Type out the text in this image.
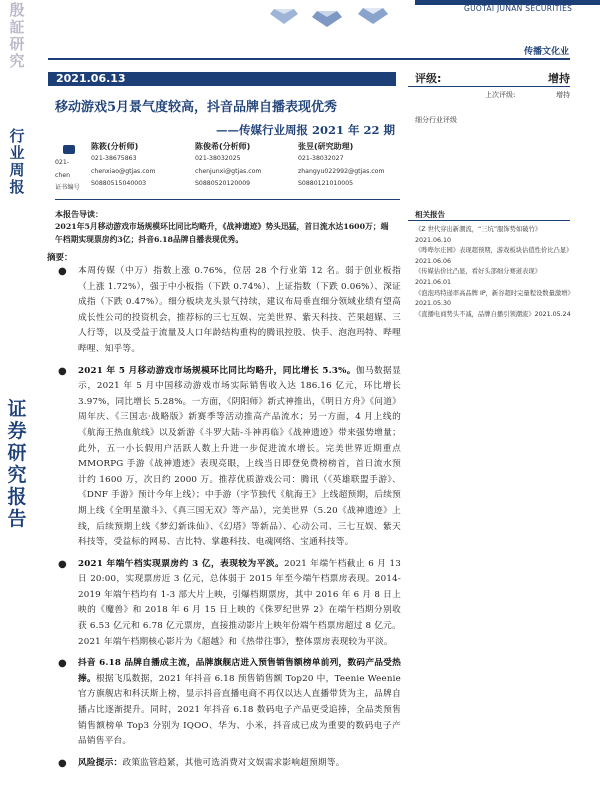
殷証研究
行业周报
证券研究报告
GUOTAI JUNAN SECURITIES
传播文化业
2021.06.13
移动游戏5月景气度较高，抖音品牌自播表现优秀
——传媒行业周报 2021 年 22 期
021-
chen
证书编号
陈筱(分析师)
021-38675863
chenxiao@gtjas.com
S0880515040003
陈俊希(分析师)
021-38032025
chenjunxi@gtjas.com
S0880520120009
张昱(研究助理)
021-38032027
zhangyu022992@gtjas.com
S0880121010005
评级:	增持
上次评级:	增持
细分行业评级
相关报告
《Z 世代穿出新潮流，“三坑”服饰势如破竹》2021.06.10
《哔哔尔庄园》表现超预期，游戏板块估值性价比凸显》2021.06.06
《传媒估价比凸显，看好头部细分赛道表现》2021.06.01
《泡泡玛特递率高品牌 IP，新谷超时完量程设数量激增》2021.05.30
《直播电商势头不减，品牌自播引领潮流》2021.05.24
本报告导读：
2021年5月移动游戏市场规模环比同比均略升，《战神遗迹》势头迅猛，首日流水达1600万；端午档期实现票房约3亿；抖音6.18品牌自播表现优秀。
摘要：
● 本周传媒（中万）指数上涨 0.76%，位居 28 个行业第 12 名。弱于创业板指（上涨 1.72%），强于中小板指（下跌 0.74%）、上证指数（下跌 0.06%）、深证成指（下跌 0.47%）。细分板块龙头景气持续，建议布局垂直细分领域业绩有望高成长性公司的投资机会，推荐标的三七互娱、完美世界、紫天科技、芒果超媒、三人行等，以及受益于流量及人口年龄结构重构的腾讯控股、快手、泡泡玛特、哔哩哔哩、知乎等。
● 2021 年 5 月移动游戏市场规模环比同比均略升，同比增长 5.3%。伽马数据显示，2021 年 5 月中国移动游戏市场实际销售收入达 186.16 亿元，环比增长 3.97%，同比增长 5.28%。一方面，《阴阳师》新式神推出，《明日方舟》《问道》周年庆、《三国志·战略版》新赛季等活动推高产品流水；另一方面，4 月上线的《航海王热血航线》以及新游《斗罗大陆-斗神再临》《战神遗迹》带来强势增量；此外，五一小长假用户活跃人数上升进一步促进流水增长。完美世界近期重点 MMORPG 手游《战神遗迹》表现亮眼，上线当日即登免费榜榜首，首日流水预计约 1600 万，次日约 2000 万。推荐优质游戏公司：腾讯（《英雄联盟手游》、《DNF 手游》预计今年上线）；中手游（字节独代《航海王》上线超预期，后续预期上线《全明星激斗》、《真三国无双》等产品），完美世界（5.20《战神遗迹》上线，后续预期上线《梦幻新诛仙》、《幻塔》等新品）、心动公司、三七互娱、紫天科技等，受益标的网易、吉比特、掌趣科技、电魂网络、宝通科技等。
● 2021 年端午档实现票房约 3 亿，表现较为平淡。2021 年端午档截止 6 月 13 日 20:00，实现票房近 3 亿元，总体弱于 2015 年至今端午档票房表现。2014-2019 年端午档均有 1-3 部大片上映，引爆档期票房，其中 2016 年 6 月 8 日上映的《魔兽》和 2018 年 6 月 15 日上映的《侏罗纪世界 2》在端午档期分别收获 6.53 亿元和 6.78 亿元票房，直接推动影片上映年份端午档票房超过 8 亿元。2021 年端午档期核心影片为《超越》和《热带往事》，整体票房表现较为平淡。
● 抖音 6.18 品牌自播成主流，品牌旗舰店进入预售销售额榜单前列，数码产品受热捧。根据飞瓜数据，2021 年抖音 6.18 预售销售额 Top20 中，Teenie Weenie 官方旗舰店和科沃斯上榜，显示抖音直播电商不再仅以达人直播带货为主，品牌自播占比逐渐提升。同时，2021 年抖音 6.18 数码电子产品更受追捧，全品类预售销售额榜单 Top3 分别为 IQOO、华为、小米，抖音成已成为重要的数码电子产品销售平台。
● 风险提示：政策监管趋紧，其他可选消费对文娱需求影响超预期等。
